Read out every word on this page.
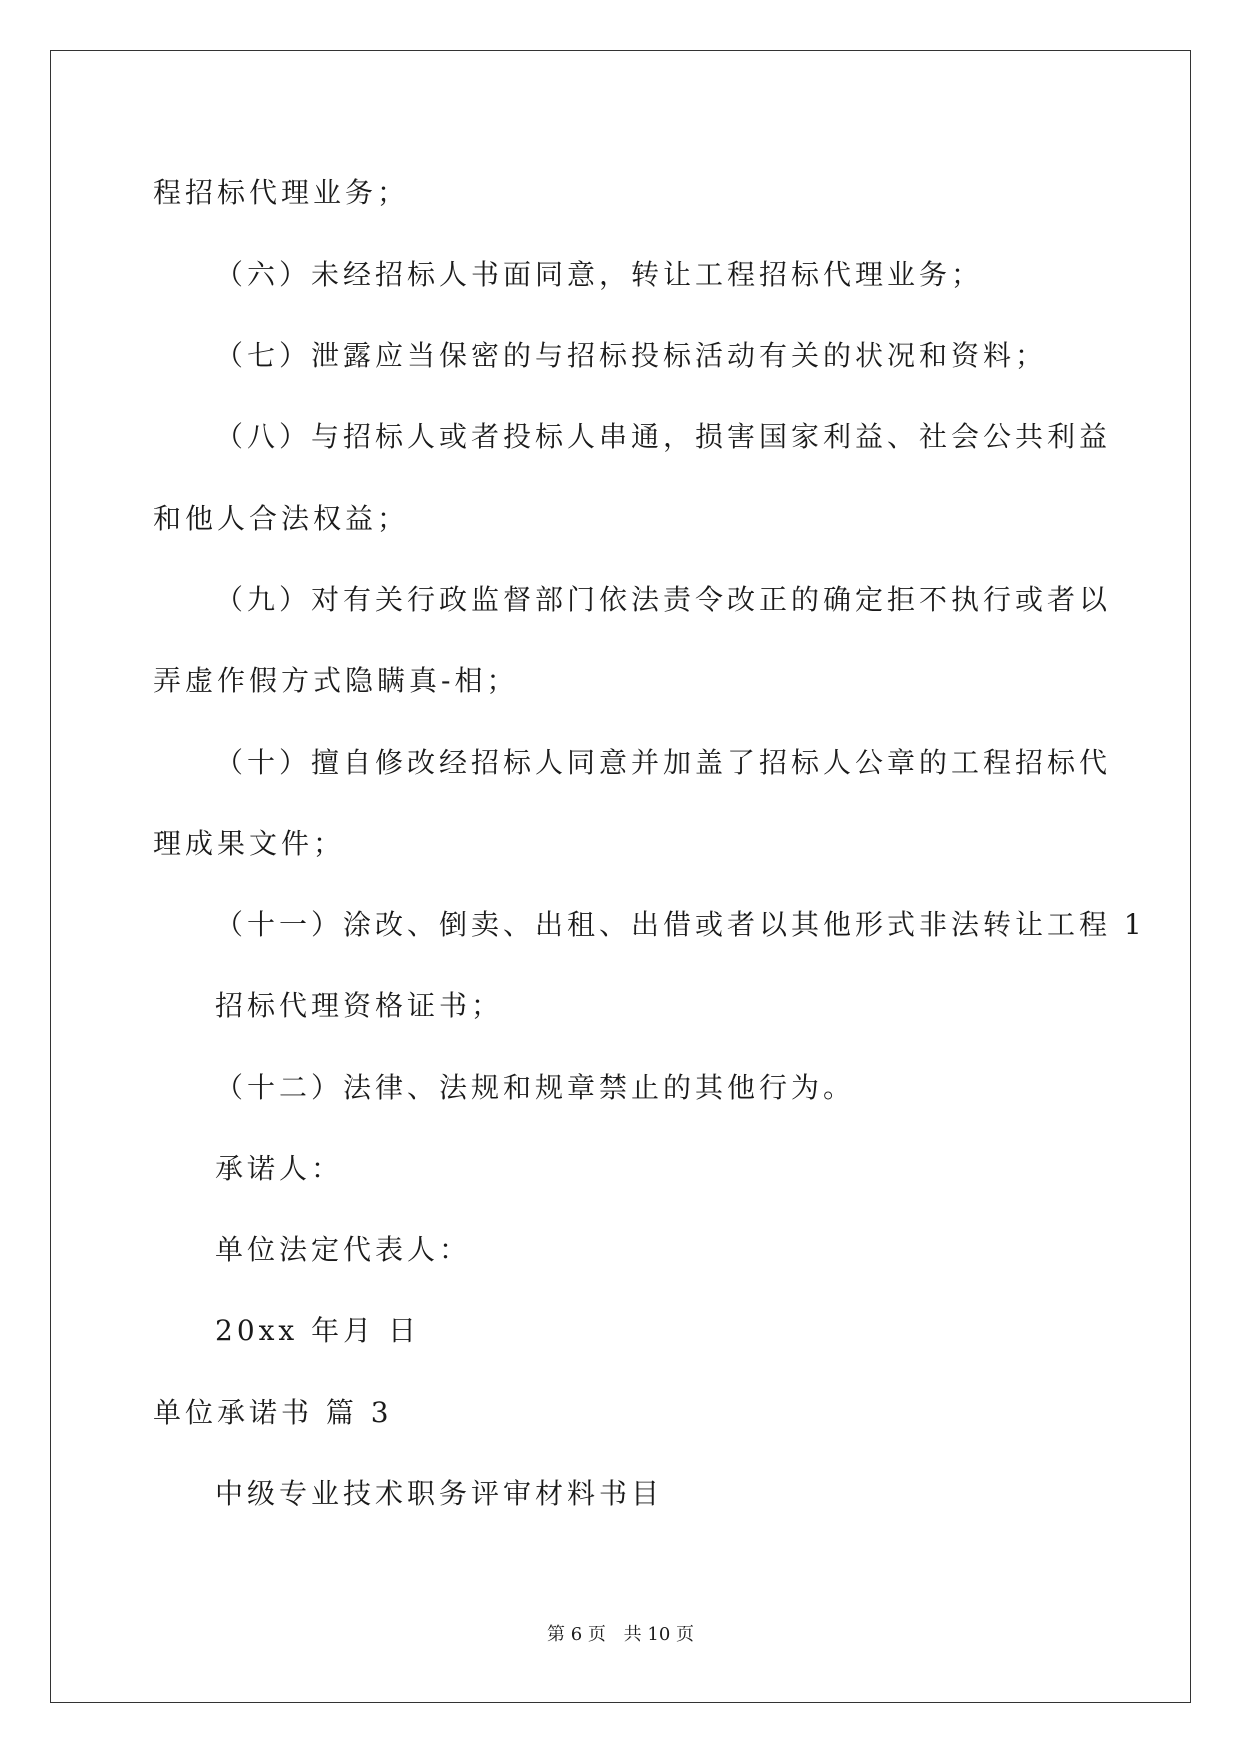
程招标代理业务；
（六）未经招标人书面同意，转让工程招标代理业务；
（七）泄露应当保密的与招标投标活动有关的状况和资料；
（八）与招标人或者投标人串通，损害国家利益、社会公共利益
和他人合法权益；
（九）对有关行政监督部门依法责令改正的确定拒不执行或者以
弄虚作假方式隐瞒真-相；
（十）擅自修改经招标人同意并加盖了招标人公章的工程招标代
理成果文件；
（十一）涂改、倒卖、出租、出借或者以其他形式非法转让工程 1
招标代理资格证书；
（十二）法律、法规和规章禁止的其他行为。
承诺人：
单位法定代表人：
20xx 年月 日
单位承诺书 篇 3
中级专业技术职务评审材料书目
第 6 页 共 10 页
